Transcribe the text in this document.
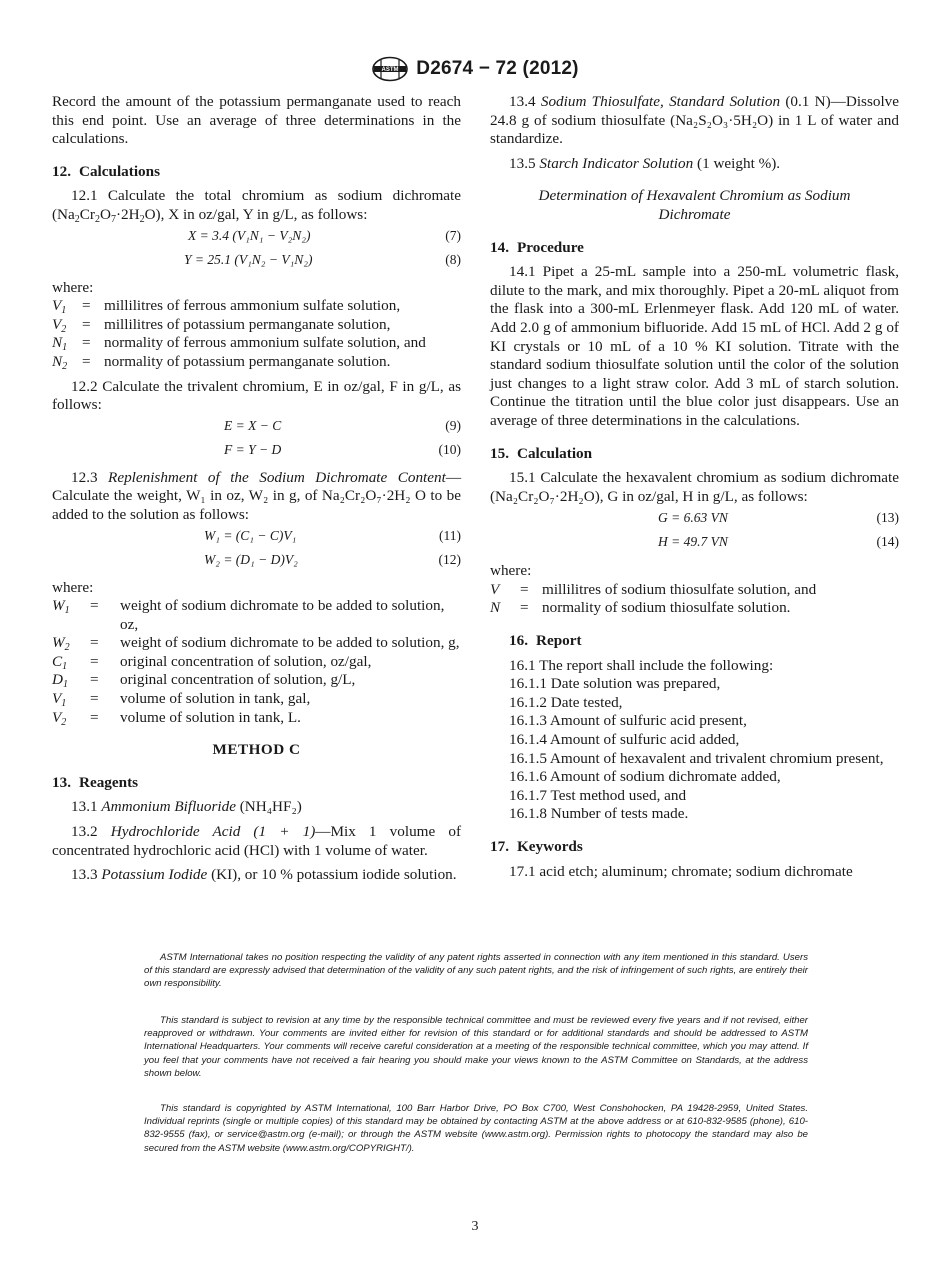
ASTM D2674 − 72 (2012)

Record the amount of the potassium permanganate used to reach this end point. Use an average of three determinations in the calculations.

12. Calculations

12.1 Calculate the total chromium as sodium dichromate $(Na_2Cr_2O_7\cdot 2H_2O)$, X in oz/gal, Y in g/L, as follows:

X = 3.4 (V₁N₁ − V₂N₂)	(7)
Y = 25.1 (V₁N₂ − V₁N₂)	(8)

where:

$V_1$	= millilitres of ferrous ammonium sulfate solution,
$V_2$	= millilitres of potassium permanganate solution,
$N_1$ = normality of ferrous ammonium sulfate solution, and
$N_2$ = normality of potassium permanganate solution.

12.2 Calculate the trivalent chromium, E in oz/gal, F in g/L, as follows:

E = X − C	(9)
F = Y − D	(10)

12.3 Replenishment of the Sodium Dichromate Content—Calculate the weight, W₁ in oz, W₂ in g, of Na₂Cr₂O₇·2H₂ O to be added to the solution as follows:

W₁ = (C₁ − C)V₁	(11)
W₂ = (D₁ − D)V₂	(12)

where:

$W_1$	=	weight of sodium dichromate to be added to solution, oz,
$W_2$	=	weight of sodium dichromate to be added to solution, g,
$C_1$	=	original concentration of solution, oz/gal,
$D_1$	=	original concentration of solution, g/L,
$V_1$	=	volume of solution in tank, gal,
$V_2$	=	volume of solution in tank, L.

METHOD C

13. Reagents

13.1 Ammonium Bifluoride (NH₄HF₂)

13.2 Hydrochloride Acid (1 + 1)—Mix 1 volume of concentrated hydrochloric acid (HCl) with 1 volume of water.

13.3 Potassium Iodide (KI), or 10 % potassium iodide solution.

13.4 Sodium Thiosulfate, Standard Solution (0.1 N)—Dissolve 24.8 g of sodium thiosulfate (Na₂S₂O₃·5H₂O) in 1 L of water and standardize.

13.5 Starch Indicator Solution (1 weight %).

Determination of Hexavalent Chromium as Sodium Dichromate

14. Procedure

14.1 Pipet a 25-mL sample into a 250-mL volumetric flask, dilute to the mark, and mix thoroughly. Pipet a 20-mL aliquot from the flask into a 300-mL Erlenmeyer flask. Add 120 mL of water. Add 2.0 g of ammonium bifluoride. Add 15 mL of HCl. Add 2 g of KI crystals or 10 mL of a 10 % KI solution. Titrate with the standard sodium thiosulfate solution until the color of the solution just changes to a light straw color. Add 3 mL of starch solution. Continue the titration until the blue color just disappears. Use an average of three determinations in the calculations.

15. Calculation

15.1 Calculate the hexavalent chromium as sodium dichromate (Na₂Cr₂O₇·2H₂O), G in oz/gal, H in g/L, as follows:

G = 6.63 VN	(13)
H = 49.7 VN	(14)

where:

V	= millilitres of sodium thiosulfate solution, and
N	= normality of sodium thiosulfate solution.

16. Report

16.1 The report shall include the following:

16.1.1 Date solution was prepared,

16.1.2 Date tested,

16.1.3 Amount of sulfuric acid present,

16.1.4 Amount of sulfuric acid added,

16.1.5 Amount of hexavalent and trivalent chromium present,

16.1.6 Amount of sodium dichromate added,

16.1.7 Test method used, and

16.1.8 Number of tests made.

17. Keywords

17.1 acid etch; aluminum; chromate; sodium dichromate

ASTM International takes no position respecting the validity of any patent rights asserted in connection with any item mentioned in this standard. Users of this standard are expressly advised that determination of the validity of any such patent rights, and the risk of infringement of such rights, are entirely their own responsibility.

This standard is subject to revision at any time by the responsible technical committee and must be reviewed every five years and if not revised, either reapproved or withdrawn. Your comments are invited either for revision of this standard or for additional standards and should be addressed to ASTM International Headquarters. Your comments will receive careful consideration at a meeting of the responsible technical committee, which you may attend. If you feel that your comments have not received a fair hearing you should make your views known to the ASTM Committee on Standards, at the address shown below.

This standard is copyrighted by ASTM International, 100 Barr Harbor Drive, PO Box C700, West Conshohocken, PA 19428-2959, United States. Individual reprints (single or multiple copies) of this standard may be obtained by contacting ASTM at the above address or at 610-832-9585 (phone), 610-832-9555 (fax), or service@astm.org (e-mail); or through the ASTM website (www.astm.org). Permission rights to photocopy the standard may also be secured from the ASTM website (www.astm.org/COPYRIGHT/).

3
